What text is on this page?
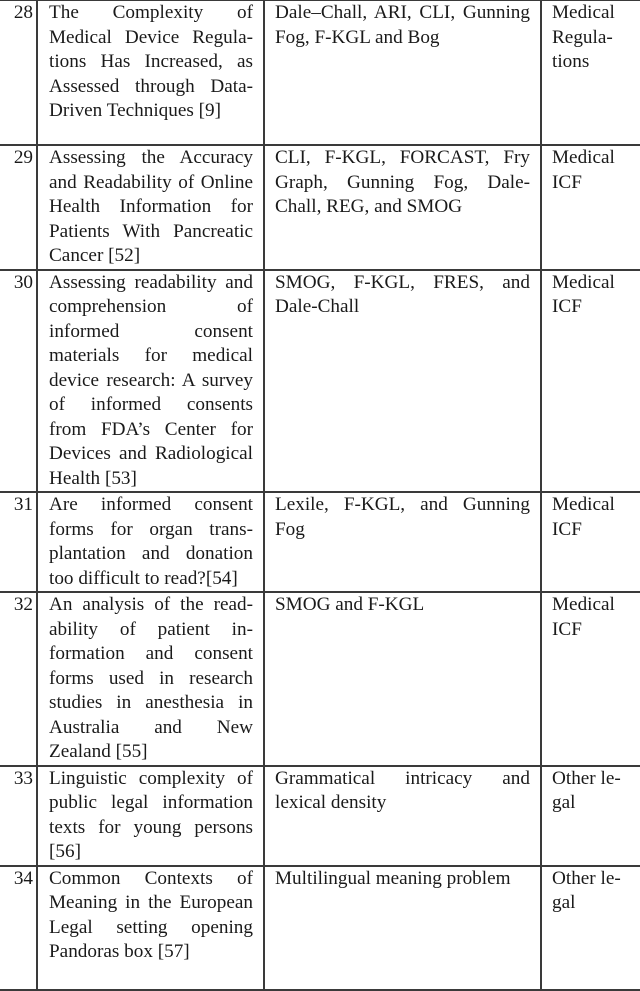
28	The Complexity of Medical Device Regulations Has Increased, as Assessed through Data-Driven Techniques [9]	Dale–Chall, ARI, CLI, Gunning Fog, F-KGL and Bog	Medical Regulations

29	Assessing the Accuracy and Readability of Online Health Information for Patients With Pancreatic Cancer [52]	CLI, F-KGL, FORCAST, Fry Graph, Gunning Fog, Dale-Chall, REG, and SMOG	Medical ICF

30	Assessing readability and comprehension of informed consent materials for medical device research: A survey of informed consents from FDA’s Center for Devices and Radiological Health [53]	SMOG, F-KGL, FRES, and Dale-Chall	Medical ICF

31	Are informed consent forms for organ transplantation and donation too difficult to read?[54]	Lexile, F-KGL, and Gunning Fog	Medical ICF

32	An analysis of the readability of patient information and consent forms used in research studies in anesthesia in Australia and New Zealand [55]	SMOG and F-KGL	Medical ICF

33	Linguistic complexity of public legal information texts for young persons [56]	Grammatical intricacy and lexical density	Other legal

34	Common Contexts of Meaning in the European Legal setting opening Pandoras box [57]	Multilingual meaning problem	Other legal
